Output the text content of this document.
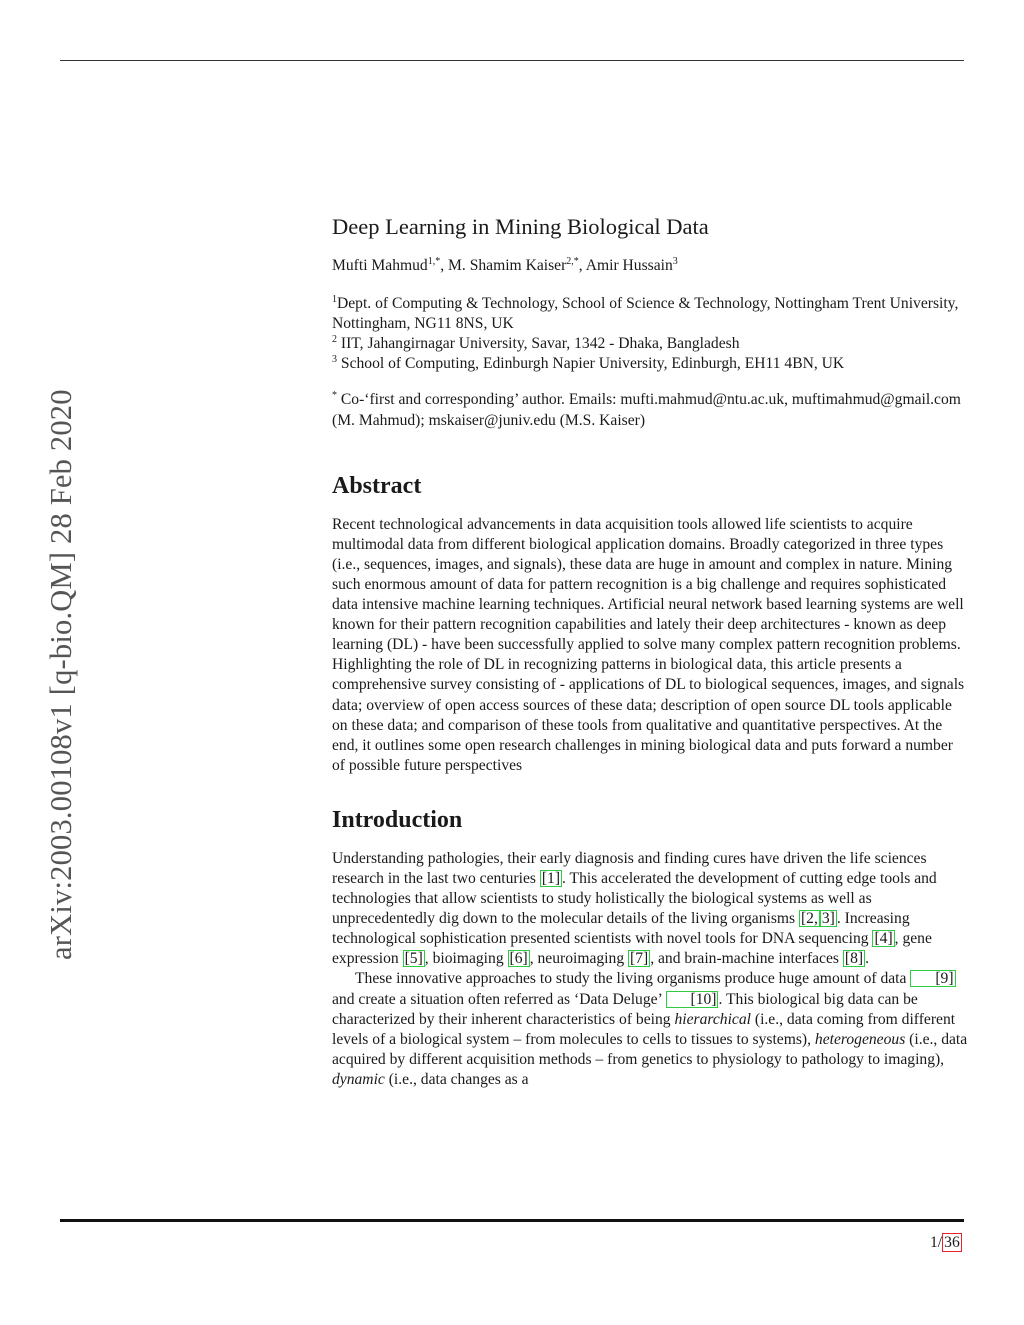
arXiv:2003.00108v1 [q-bio.QM] 28 Feb 2020
Deep Learning in Mining Biological Data

Mufti Mahmud$^{1,*}$, M. Shamim Kaiser$^{2,*}$, Amir Hussain$^3$

$^1$Dept. of Computing & Technology, School of Science & Technology, Nottingham Trent University, Nottingham, NG11 8NS, UK

$^2$ IIT, Jahangirnagar University, Savar, 1342 - Dhaka, Bangladesh

$^3$ School of Computing, Edinburgh Napier University, Edinburgh, EH11 4BN, UK

* Co-‘first and corresponding’ author. Emails: mufti.mahmud@ntu.ac.uk, muftimahmud@gmail.com (M. Mahmud); mskaiser@juniv.edu (M.S. Kaiser)

Abstract

Recent technological advancements in data acquisition tools allowed life scientists to acquire multimodal data from different biological application domains. Broadly categorized in three types (i.e., sequences, images, and signals), these data are huge in amount and complex in nature. Mining such enormous amount of data for pattern recognition is a big challenge and requires sophisticated data intensive machine learning techniques. Artificial neural network based learning systems are well known for their pattern recognition capabilities and lately their deep architectures - known as deep learning (DL) - have been successfully applied to solve many complex pattern recognition problems. Highlighting the role of DL in recognizing patterns in biological data, this article presents a comprehensive survey consisting of - applications of DL to biological sequences, images, and signals data; overview of open access sources of these data; description of open source DL tools applicable on these data; and comparison of these tools from qualitative and quantitative perspectives. At the end, it outlines some open research challenges in mining biological data and puts forward a number of possible future perspectives

Introduction

Understanding pathologies, their early diagnosis and finding cures have driven the life sciences research in the last two centuries [1] . This accelerated the development of cutting edge tools and technologies that allow scientists to study holistically the biological systems as well as unprecedentedly dig down to the molecular details of the living organisms [2, 3] . Increasing technological sophistication presented scientists with novel tools for DNA sequencing [4] , gene expression [5] , bioimaging [6] , neuroimaging [7] , and brain-machine interfaces [8] .

These innovative approaches to study the living organisms produce huge amount of data [9] and create a situation often referred as ‘Data Deluge’ [10] . This biological big data can be characterized by their inherent characteristics of being hierarchical (i.e., data coming from different levels of a biological system – from molecules to cells to tissues to systems), heterogeneous (i.e., data acquired by different acquisition methods – from genetics to physiology to pathology to imaging), dynamic (i.e., data changes as a

1/ 36
